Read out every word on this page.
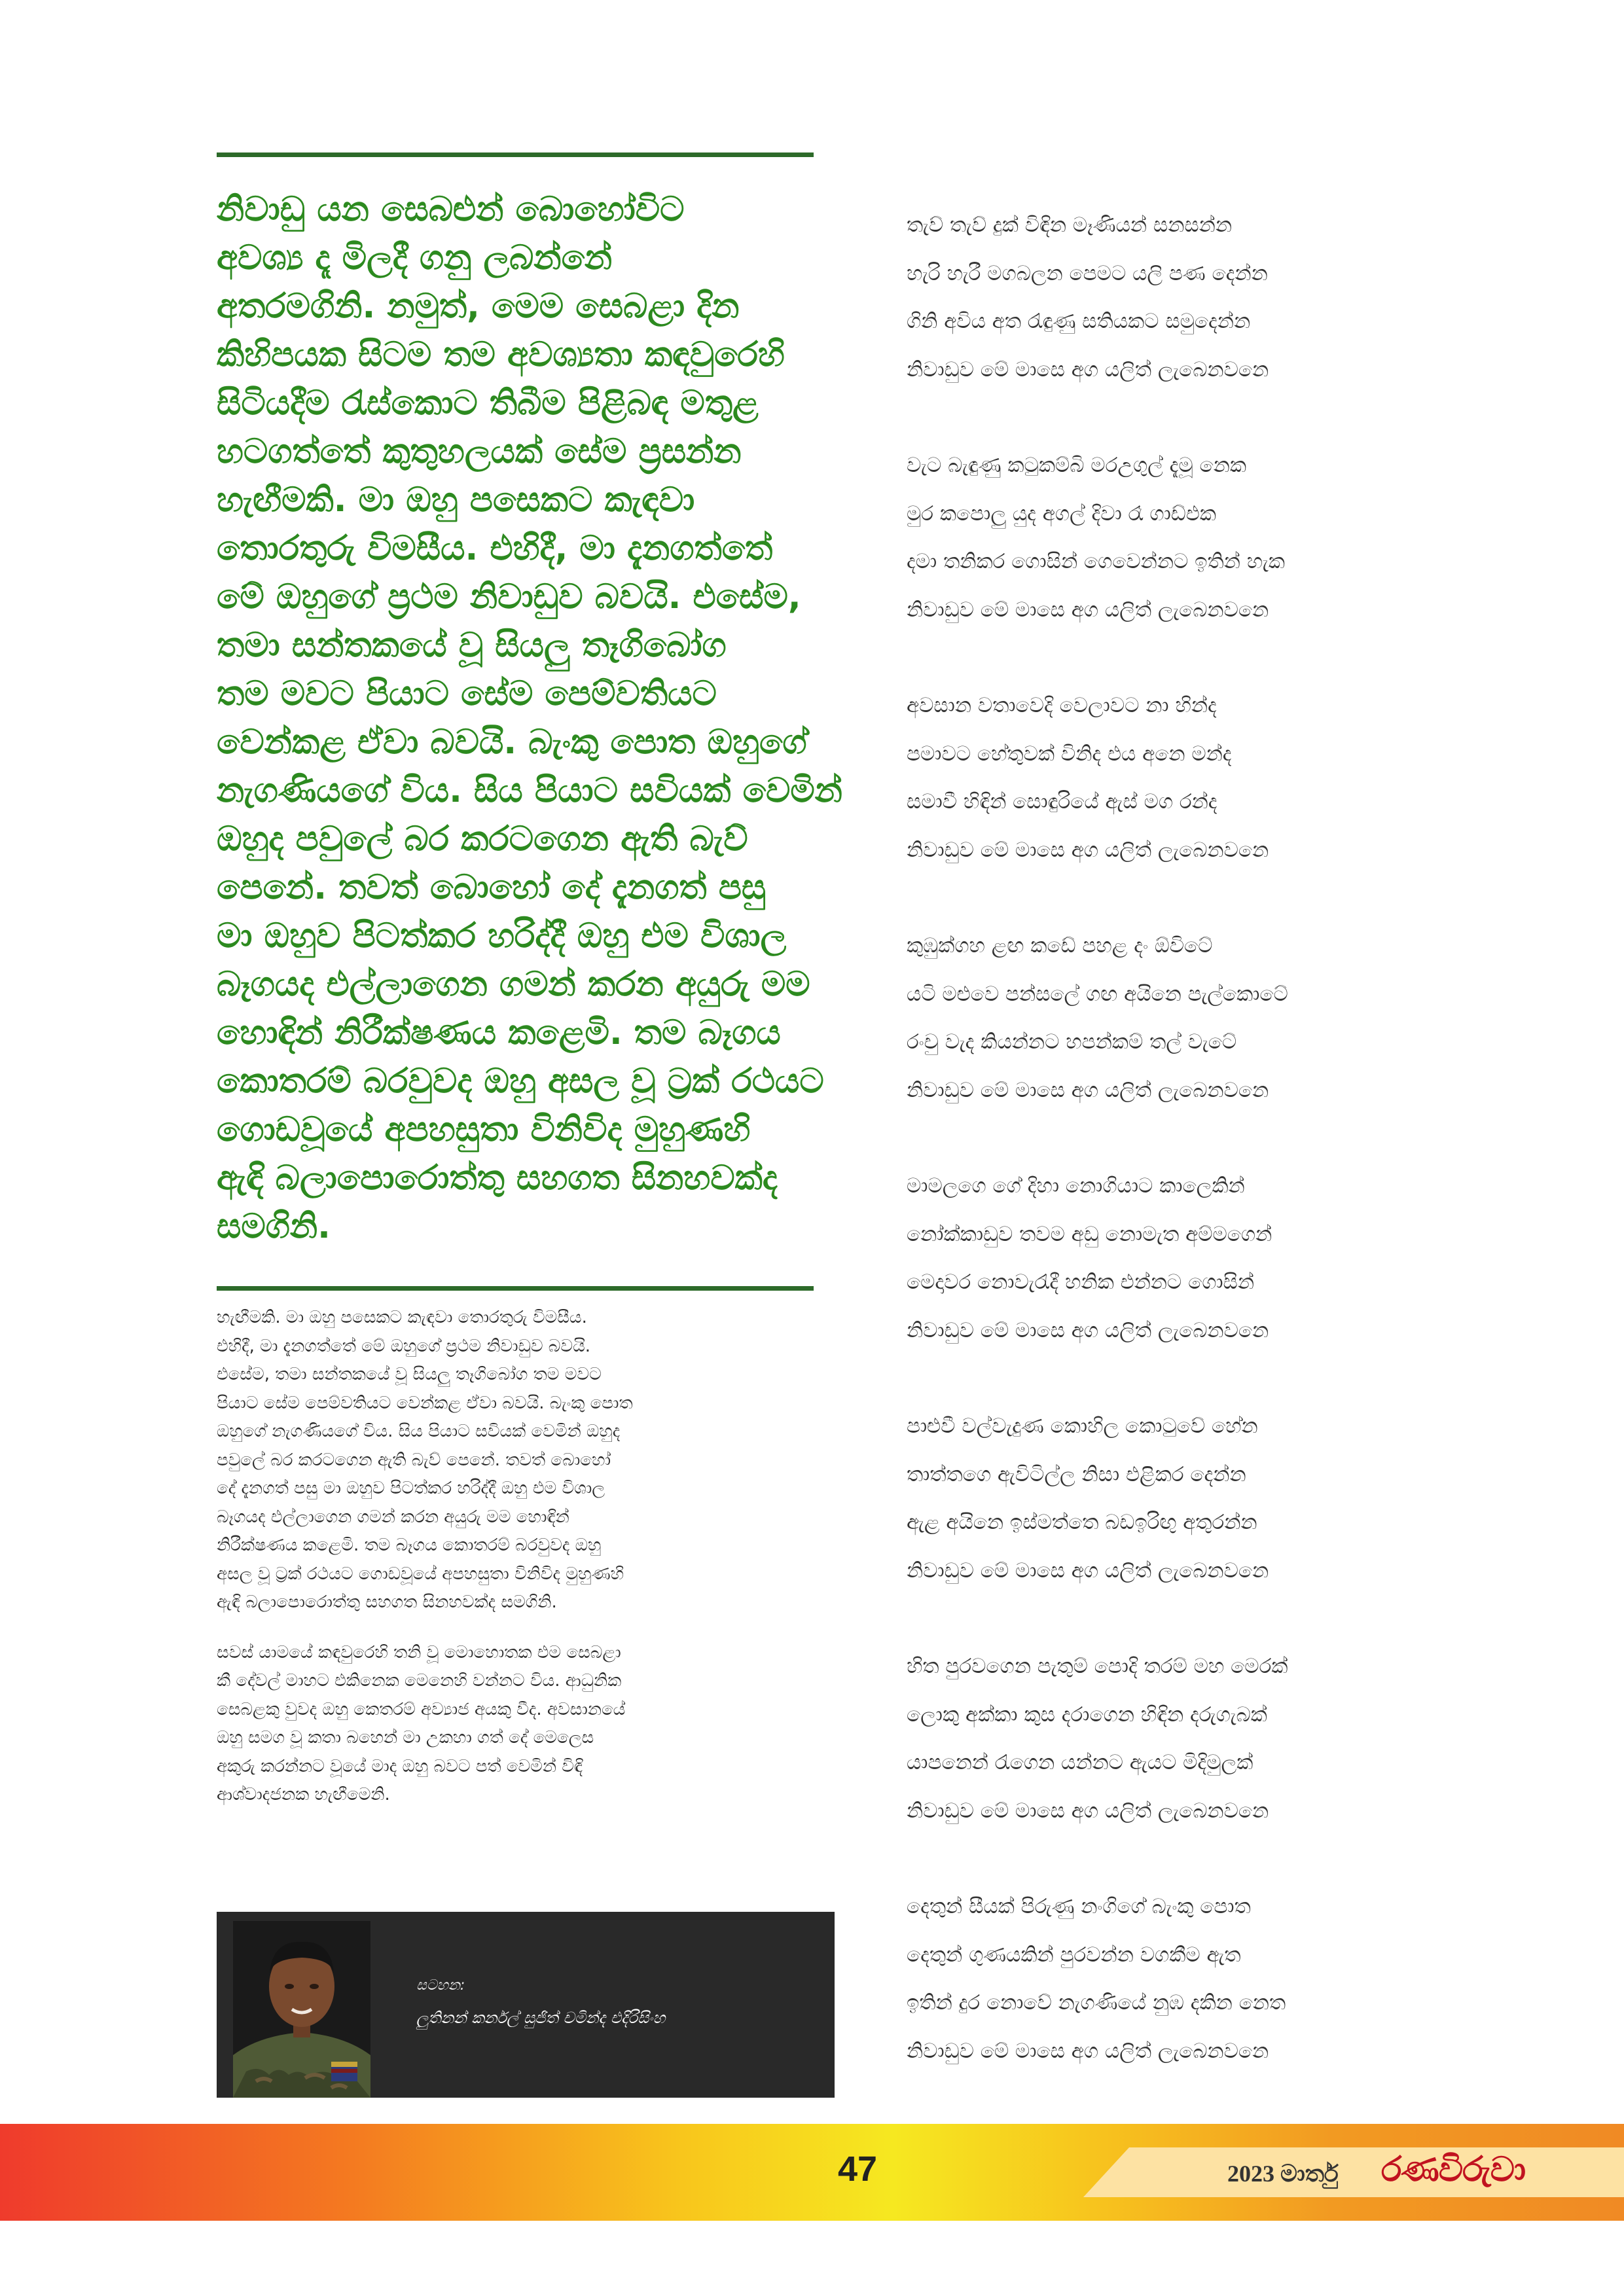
නිවාඩු යන සෙබළුන් බොහෝවිට
අවශ්‍ය දෑ මිලදී ගනු ලබන්නේ
අතරමගිනි. නමුත්, මෙම සෙබළා දින
කිහිපයක සිටම තම අවශ්‍යතා කඳවුරෙහි
සිටියදීම රැස්කොට තිබීම පිළිබඳ මතුළ
හටගත්තේ කුතුහලයක් සේම ප්‍රසන්න
හැඟීමකි. මා ඔහු පසෙකට කැඳවා
තොරතුරු විමසීය. එහිදී, මා දැනගත්තේ
මේ ඔහුගේ ප්‍රථම නිවාඩුව බවයි. එසේම,
තමා සන්තකයේ වූ සියලු තෑගිබෝග
තම මවට පියාට සේම පෙම්වතියට
වෙන්කළ ඒවා බවයි. බැංකු පොත ඔහුගේ
නැගණියගේ විය. සිය පියාට සවියක් වෙමින්
ඔහුද පවුලේ බර කරටගෙන ඇති බැව්
පෙනේ. තවත් බොහෝ දේ දැනගත් පසු
මා ඔහුව පිටත්කර හරිද්දී ඔහු එම විශාල
බෑගයද එල්ලාගෙන ගමන් කරන අයුරු මම
හොඳින් නිරීක්ෂණය කළෙමි. තම බෑගය
කොතරම් බරවුවද ඔහු අසල වූ ට්‍රක් රථයට
ගොඩවූයේ අපහසුතා විනිවිද මුහුණහි
ඇඳි බලාපොරොත්තු සහගත සිනහවක්ද
සමගිනි.

හැඟීමකි. මා ඔහු පසෙකට කැඳවා තොරතුරු විමසීය.
එහිදී, මා දැනගත්තේ මේ ඔහුගේ ප්‍රථම නිවාඩුව බවයි.
එසේම, තමා සන්තකයේ වූ සියලු තෑගිබෝග තම මවට
පියාට සේම පෙම්වතියට වෙන්කළ ඒවා බවයි. බැංකු පොත
ඔහුගේ නැගණියගේ විය. සිය පියාට සවියක් වෙමින් ඔහුද
පවුලේ බර කරටගෙන ඇති බැව් පෙනේ. තවත් බොහෝ
දේ දැනගත් පසු මා ඔහුව පිටත්කර හරිද්දී ඔහු එම විශාල
බෑගයද එල්ලාගෙන ගමන් කරන අයුරු මම හොඳින්
නිරීක්ෂණය කළෙමි. තම බෑගය කොතරම් බරවුවද ඔහු
අසල වූ ට්‍රක් රථයට ගොඩවූයේ අපහසුතා විනිවිද මුහුණහි
ඇඳි බලාපොරොත්තු සහගත සිනහවක්ද සමගිනි.

සවස් යාමයේ කඳවුරෙහි තනි වූ මොහොතක එම සෙබළා
කී දේවල් මාහට එකිනෙක මෙනෙහි වන්නට විය. ආධුනික
සෙබළකු වුවද ඔහු කෙතරම් අව්‍යාජ අයකු වීද. අවසානයේ
ඔහු සමග වූ කතා බහෙන් මා උකහා ගත් දේ මෙලෙස
අකුරු කරන්නට වූයේ මාද ඔහු බවට පත් වෙමින් විඳි
ආශ්වාදජනක හැඟීමෙනි.

සටහන:
ලුතිනන් කර්නල් සුජිත් චමින්ද එදිරිසිංහ
තැව් තැව් දුක් විඳින මෑණියන් සනසන්න
හැරි හැරී මගබලන පෙමට යලි පණ දෙන්න
ගිනි අවිය අත රැඳුණු සතියකට සමුදෙන්න
නිවාඩුව මේ මාසෙ අග යලිත් ලැබෙනවනෙ
වැට බැඳුණු කටුකම්බි මරඋගුල් දැමූ නෙක
මුර කපොලු යුද අගල් දිවා රෑ ගාඩ්එක
දමා තනිකර ගොසින් ගෙවෙන්නට ඉතින් හැක
නිවාඩුව මේ මාසෙ අග යලිත් ලැබෙනවනෙ
අවසාන වතාවෙදි වෙලාවට නා හින්ද
පමාවට හේතුවක් විනිද එය අනෙ මන්ද
සමාවී හිඳින් සොඳුරියේ ඇස් මග රන්ද
නිවාඩුව මේ මාසෙ අග යලිත් ලැබෙනවනෙ
කුඹුක්ගහ ළඟ කඩේ පහළ දං ඕවිටේ
යටි මළුවෙ පන්සලේ ගඟ අයිනෙ පැල්කොටේ
රංචු වැද කියන්නට හපන්කම් තල් වැටේ
නිවාඩුව මේ මාසෙ අග යලිත් ලැබෙනවනෙ
මාමලගෙ ගේ දිහා නොගියාට කාලෙකින්
නෝක්කාඩුව තවම අඩු නොමැත අම්මගෙන්
මෙදාවර නොවැරැදී හනික එන්නට ගොසින්
නිවාඩුව මේ මාසෙ අග යලිත් ලැබෙනවනෙ
පාළුවී වල්වැදුණ කොහිල කොටුවේ හේන
තාත්තගෙ ඇවිටිල්ල නිසා එළිකර දෙන්න
ඇළ අයිනෙ ඉස්මත්තෙ බඩඉරිඟු අතුරන්න
නිවාඩුව මේ මාසෙ අග යලිත් ලැබෙනවනෙ
හිත පුරවගෙන පැතුම් පොදි තරම් මහ මෙරක්
ලොකු අක්කා කුස දරාගෙන හිඳින දරුගැබක්
යාපනෙන් රැගෙන යන්නට ඇයට මිදිමුලක්
නිවාඩුව මේ මාසෙ අග යලිත් ලැබෙනවනෙ
දෙතුන් සීයක් පිරුණු නංගිගේ බැංකු පොත
දෙතුන් ගුණයකින් පුරවන්න වගකීම ඇත
ඉතින් දුර නොවේ නැගණියේ නුඹ දකින නෙත
නිවාඩුව මේ මාසෙ අග යලිත් ලැබෙනවනෙ
47	2023 මාර්තු රණවිරුවා
